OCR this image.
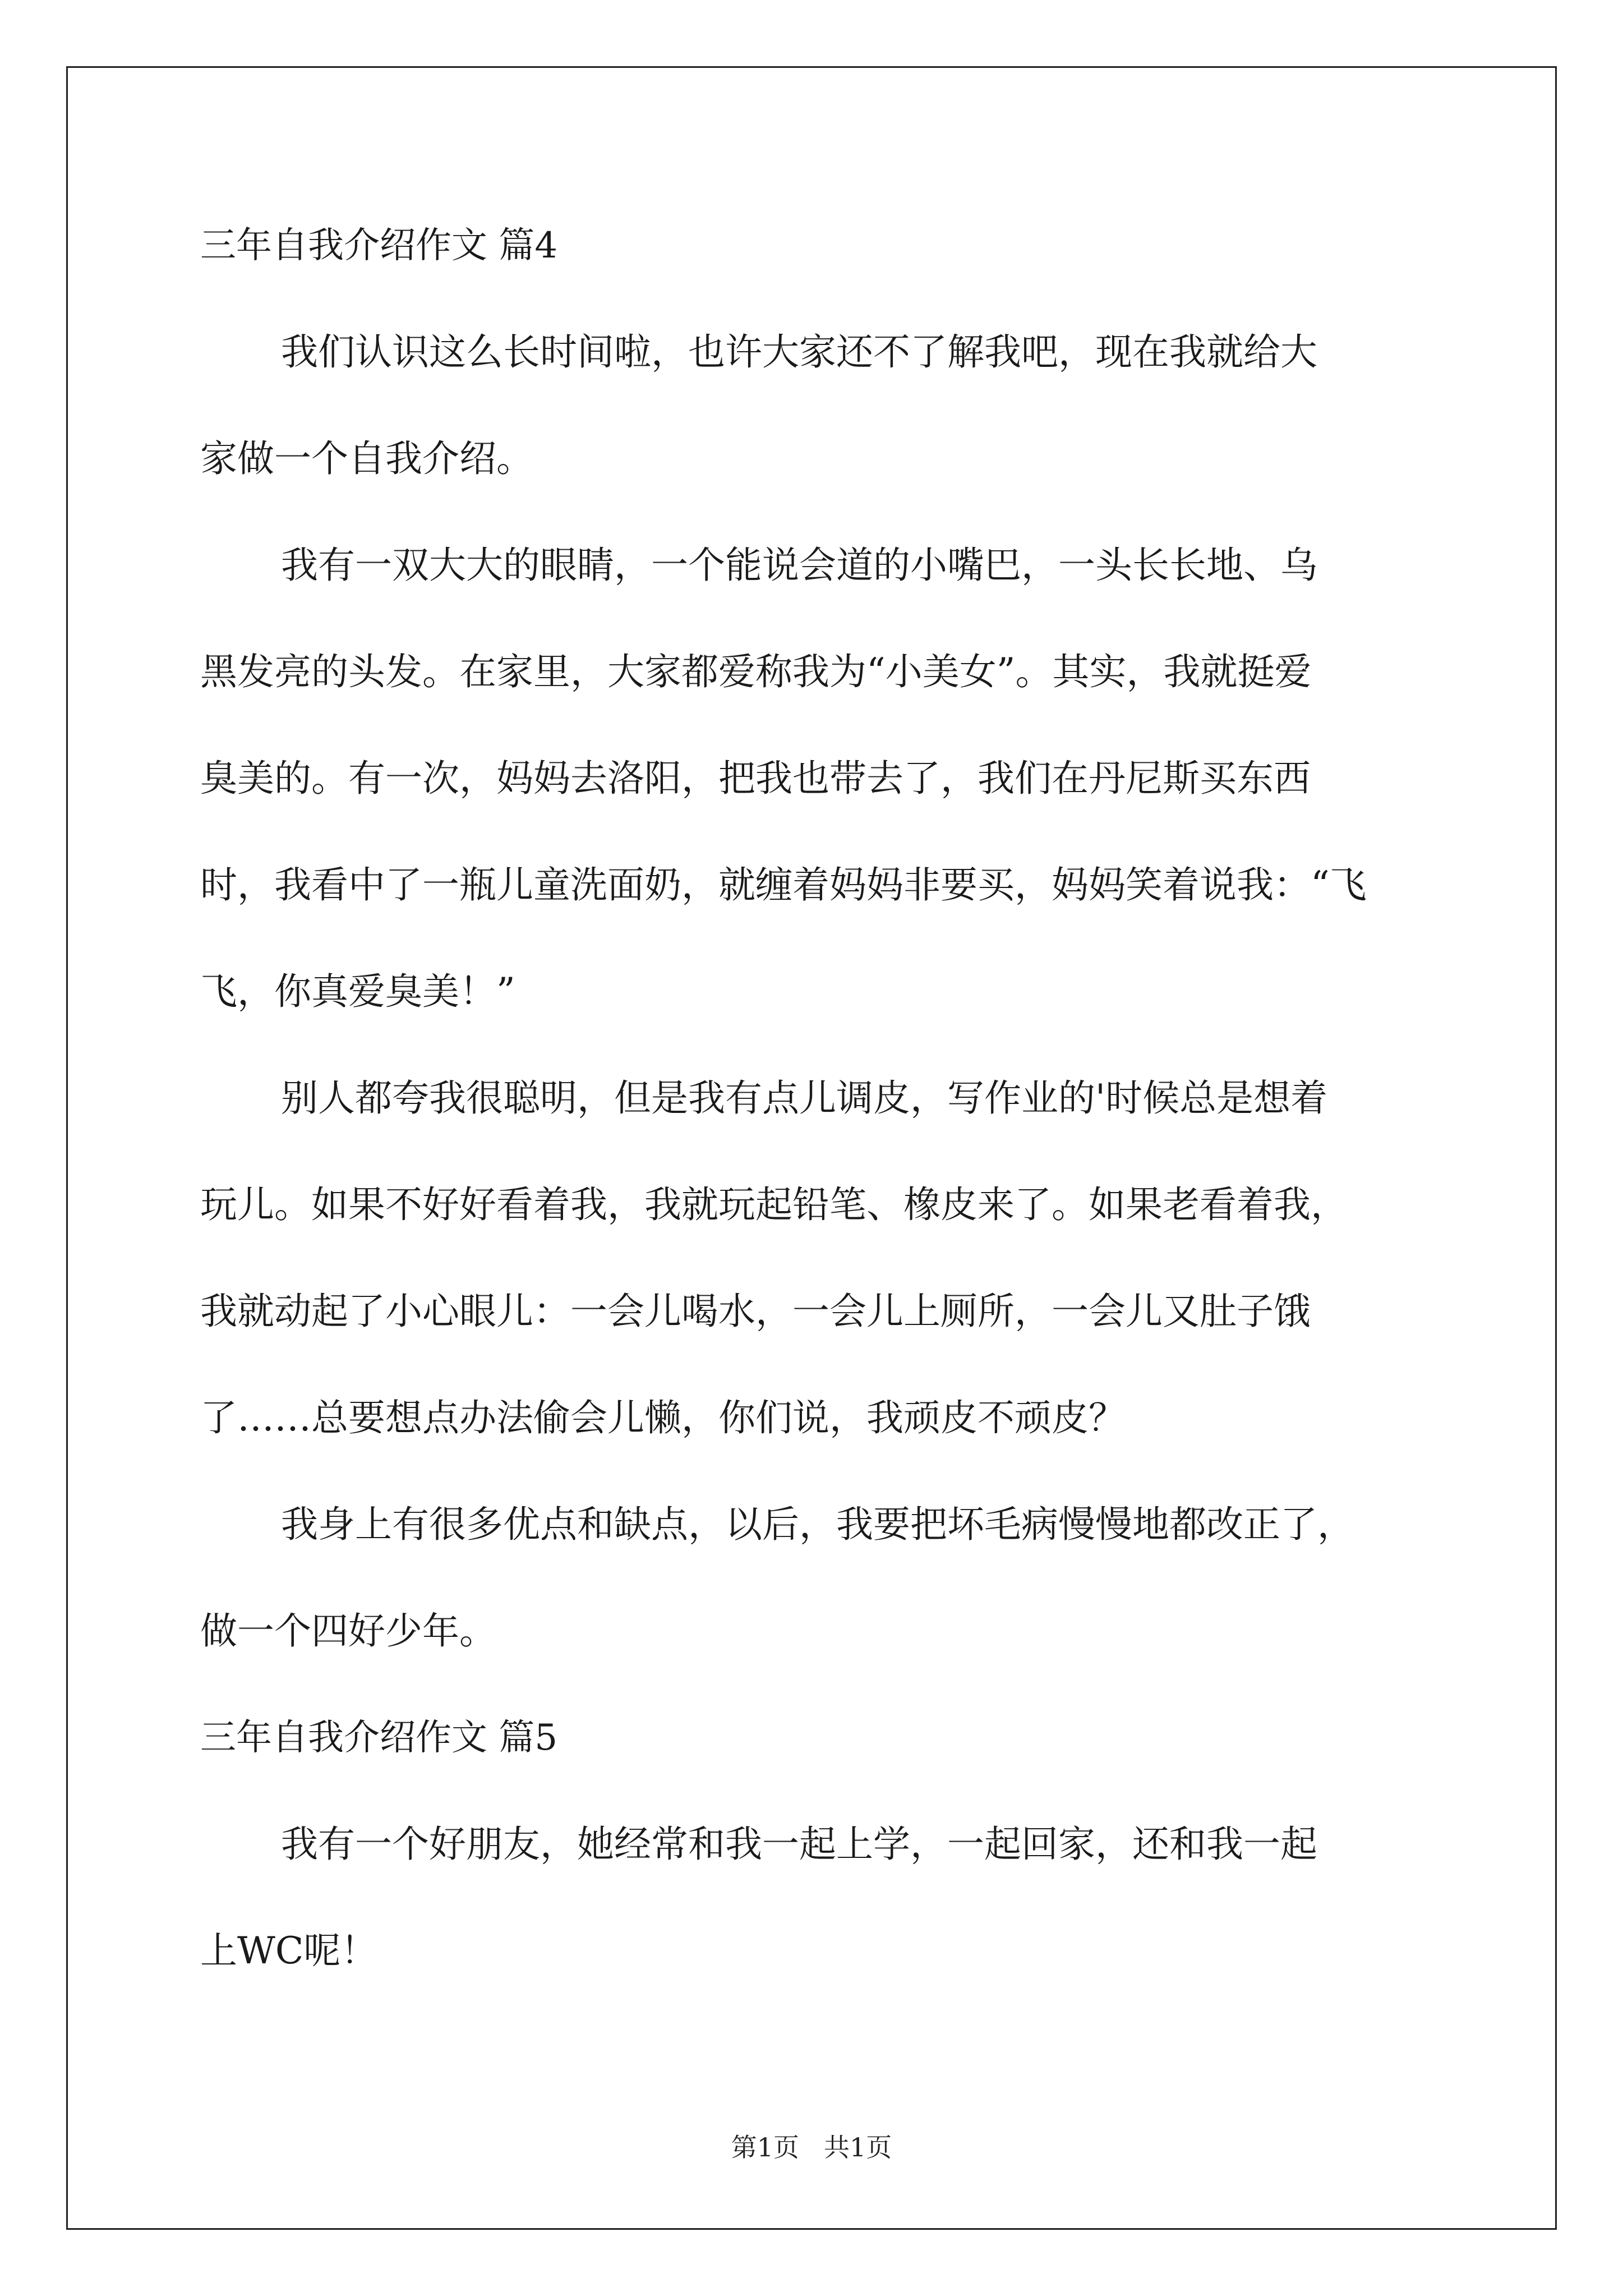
三年自我介绍作文 篇4
我们认识这么长时间啦，也许大家还不了解我吧，现在我就给大
家做一个自我介绍。
我有一双大大的眼睛，一个能说会道的小嘴巴，一头长长地、乌
黑发亮的头发。在家里，大家都爱称我为“小美女”。其实，我就挺爱
臭美的。有一次，妈妈去洛阳，把我也带去了，我们在丹尼斯买东西
时，我看中了一瓶儿童洗面奶，就缠着妈妈非要买，妈妈笑着说我：“飞
飞，你真爱臭美！”
别人都夸我很聪明，但是我有点儿调皮，写作业的'时候总是想着
玩儿。如果不好好看着我，我就玩起铅笔、橡皮来了。如果老看着我，
我就动起了小心眼儿：一会儿喝水，一会儿上厕所，一会儿又肚子饿
了……总要想点办法偷会儿懒，你们说，我顽皮不顽皮？
我身上有很多优点和缺点，以后，我要把坏毛病慢慢地都改正了，
做一个四好少年。
三年自我介绍作文 篇5
我有一个好朋友，她经常和我一起上学，一起回家，还和我一起
上WC呢！
第1页 共1页
